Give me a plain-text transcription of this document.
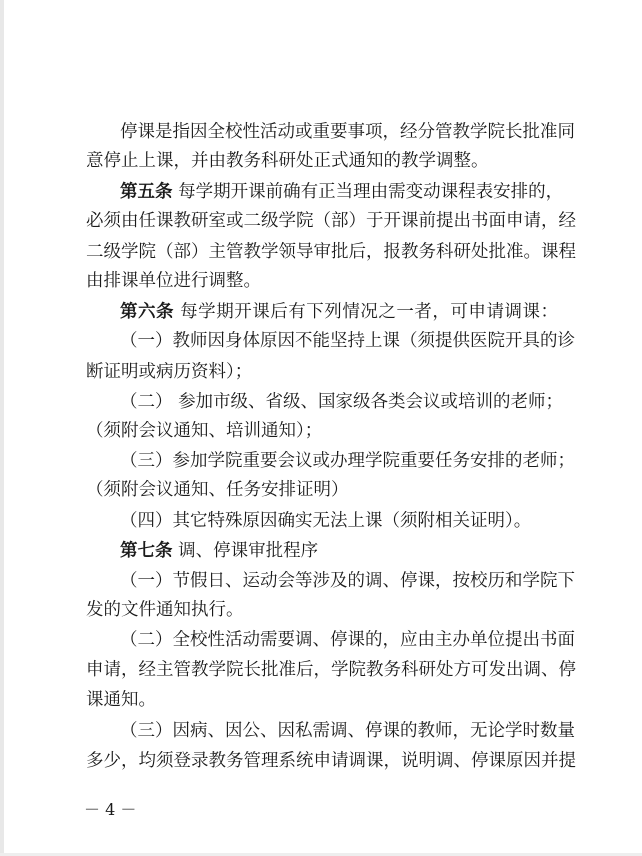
停课是指因全校性活动或重要事项，经分管教学院长批准同
意停止上课，并由教务科研处正式通知的教学调整。
第五条 每学期开课前确有正当理由需变动课程表安排的，
必须由任课教研室或二级学院（部）于开课前提出书面申请，经
二级学院（部）主管教学领导审批后，报教务科研处批准。课程
由排课单位进行调整。
第六条 每学期开课后有下列情况之一者，可申请调课：
（一）教师因身体原因不能坚持上课（须提供医院开具的诊
断证明或病历资料）；
（二） 参加市级、省级、国家级各类会议或培训的老师；
（须附会议通知、培训通知）；
（三）参加学院重要会议或办理学院重要任务安排的老师；
（须附会议通知、任务安排证明）
（四）其它特殊原因确实无法上课（须附相关证明）。
第七条 调、停课审批程序
（一）节假日、运动会等涉及的调、停课，按校历和学院下
发的文件通知执行。
（二）全校性活动需要调、停课的，应由主办单位提出书面
申请，经主管教学院长批准后，学院教务科研处方可发出调、停
课通知。
（三）因病、因公、因私需调、停课的教师，无论学时数量
多少，均须登录教务管理系统申请调课，说明调、停课原因并提
－ 4 －
